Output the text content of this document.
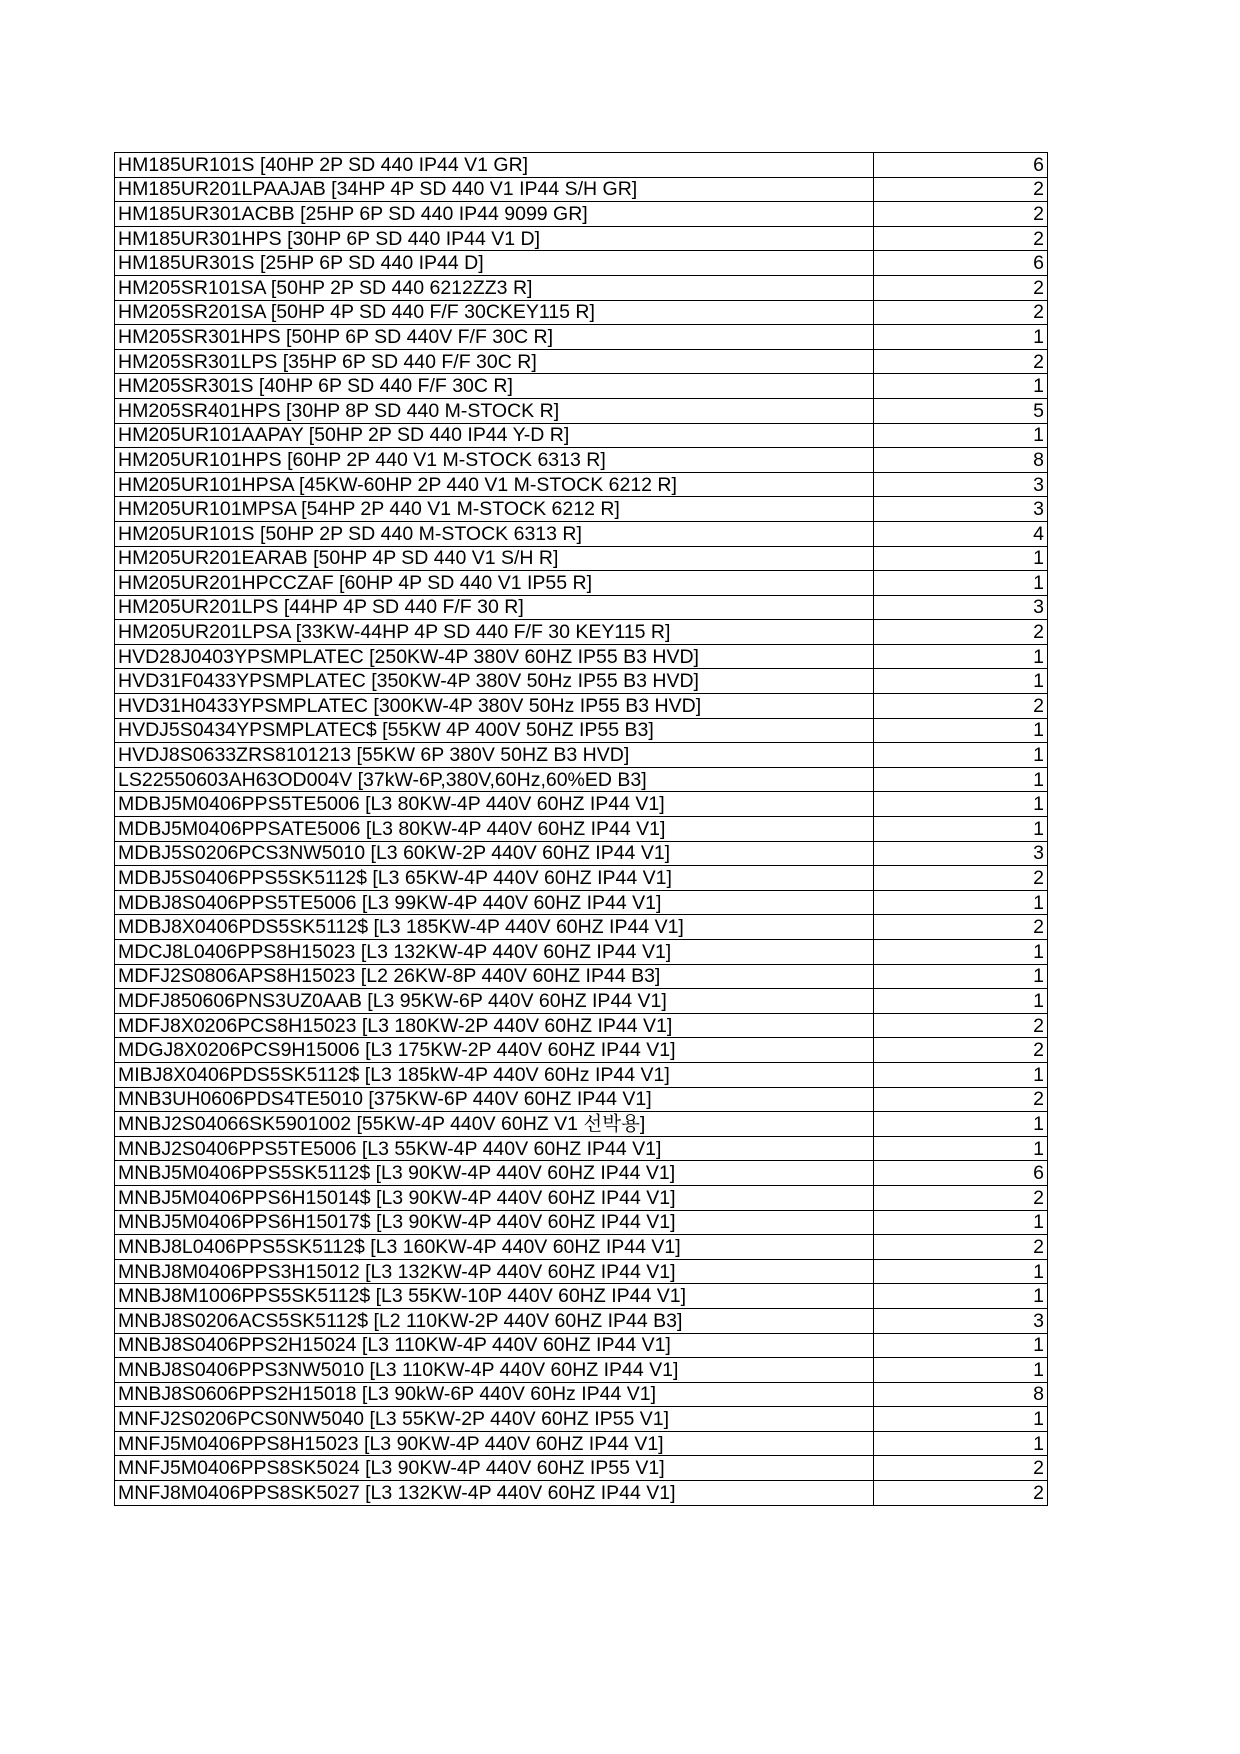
HM185UR101S [40HP 2P SD 440 IP44 V1 GR]	6
HM185UR201LPAAJAB [34HP 4P SD 440 V1 IP44 S/H GR]	2
HM185UR301ACBB [25HP 6P SD 440 IP44 9099 GR]	2
HM185UR301HPS [30HP 6P SD 440 IP44 V1 D]	2
HM185UR301S [25HP 6P SD 440 IP44 D]	6
HM205SR101SA [50HP 2P SD 440 6212ZZ3 R]	2
HM205SR201SA [50HP 4P SD 440 F/F 30CKEY115 R]	2
HM205SR301HPS [50HP 6P SD 440V F/F 30C R]	1
HM205SR301LPS [35HP 6P SD 440 F/F 30C R]	2
HM205SR301S [40HP 6P SD 440 F/F 30C R]	1
HM205SR401HPS [30HP 8P SD 440 M-STOCK R]	5
HM205UR101AAPAY [50HP 2P SD 440 IP44 Y-D R]	1
HM205UR101HPS [60HP 2P 440 V1 M-STOCK 6313 R]	8
HM205UR101HPSA [45KW-60HP 2P 440 V1 M-STOCK 6212 R]	3
HM205UR101MPSA [54HP 2P 440 V1 M-STOCK 6212 R]	3
HM205UR101S [50HP 2P SD 440 M-STOCK 6313 R]	4
HM205UR201EARAB [50HP 4P SD 440 V1 S/H R]	1
HM205UR201HPCCZAF [60HP 4P SD 440 V1 IP55 R]	1
HM205UR201LPS [44HP 4P SD 440 F/F 30 R]	3
HM205UR201LPSA [33KW-44HP 4P SD 440 F/F 30 KEY115 R]	2
HVD28J0403YPSMPLATEC [250KW-4P 380V 60HZ IP55 B3 HVD]	1
HVD31F0433YPSMPLATEC [350KW-4P 380V 50Hz IP55 B3 HVD]	1
HVD31H0433YPSMPLATEC [300KW-4P 380V 50Hz IP55 B3 HVD]	2
HVDJ5S0434YPSMPLATEC$ [55KW 4P 400V 50HZ IP55 B3]	1
HVDJ8S0633ZRS8101213 [55KW 6P 380V 50HZ B3 HVD]	1
LS22550603AH63OD004V [37kW-6P,380V,60Hz,60%ED B3]	1
MDBJ5M0406PPS5TE5006 [L3 80KW-4P 440V 60HZ IP44 V1]	1
MDBJ5M0406PPSATE5006 [L3 80KW-4P 440V 60HZ IP44 V1]	1
MDBJ5S0206PCS3NW5010 [L3 60KW-2P 440V 60HZ IP44 V1]	3
MDBJ5S0406PPS5SK5112$ [L3 65KW-4P 440V 60HZ IP44 V1]	2
MDBJ8S0406PPS5TE5006 [L3 99KW-4P 440V 60HZ IP44 V1]	1
MDBJ8X0406PDS5SK5112$ [L3 185KW-4P 440V 60HZ IP44 V1]	2
MDCJ8L0406PPS8H15023 [L3 132KW-4P 440V 60HZ IP44 V1]	1
MDFJ2S0806APS8H15023 [L2 26KW-8P 440V 60HZ IP44 B3]	1
MDFJ850606PNS3UZ0AAB [L3 95KW-6P 440V 60HZ IP44 V1]	1
MDFJ8X0206PCS8H15023 [L3 180KW-2P 440V 60HZ IP44 V1]	2
MDGJ8X0206PCS9H15006 [L3 175KW-2P 440V 60HZ IP44 V1]	2
MIBJ8X0406PDS5SK5112$ [L3 185kW-4P 440V 60Hz IP44 V1]	1
MNB3UH0606PDS4TE5010 [375KW-6P 440V 60HZ IP44 V1]	2
MNBJ2S04066SK5901002 [55KW-4P 440V 60HZ V1 선박용]	1
MNBJ2S0406PPS5TE5006 [L3 55KW-4P 440V 60HZ IP44 V1]	1
MNBJ5M0406PPS5SK5112$ [L3 90KW-4P 440V 60HZ IP44 V1]	6
MNBJ5M0406PPS6H15014$ [L3 90KW-4P 440V 60HZ IP44 V1]	2
MNBJ5M0406PPS6H15017$ [L3 90KW-4P 440V 60HZ IP44 V1]	1
MNBJ8L0406PPS5SK5112$ [L3 160KW-4P 440V 60HZ IP44 V1]	2
MNBJ8M0406PPS3H15012 [L3 132KW-4P 440V 60HZ IP44 V1]	1
MNBJ8M1006PPS5SK5112$ [L3 55KW-10P 440V 60HZ IP44 V1]	1
MNBJ8S0206ACS5SK5112$ [L2 110KW-2P 440V 60HZ IP44 B3]	3
MNBJ8S0406PPS2H15024 [L3 110KW-4P 440V 60HZ IP44 V1]	1
MNBJ8S0406PPS3NW5010 [L3 110KW-4P 440V 60HZ IP44 V1]	1
MNBJ8S0606PPS2H15018 [L3 90kW-6P 440V 60Hz IP44 V1]	8
MNFJ2S0206PCS0NW5040 [L3 55KW-2P 440V 60HZ IP55 V1]	1
MNFJ5M0406PPS8H15023 [L3 90KW-4P 440V 60HZ IP44 V1]	1
MNFJ5M0406PPS8SK5024 [L3 90KW-4P 440V 60HZ IP55 V1]	2
MNFJ8M0406PPS8SK5027 [L3 132KW-4P 440V 60HZ IP44 V1]	2
